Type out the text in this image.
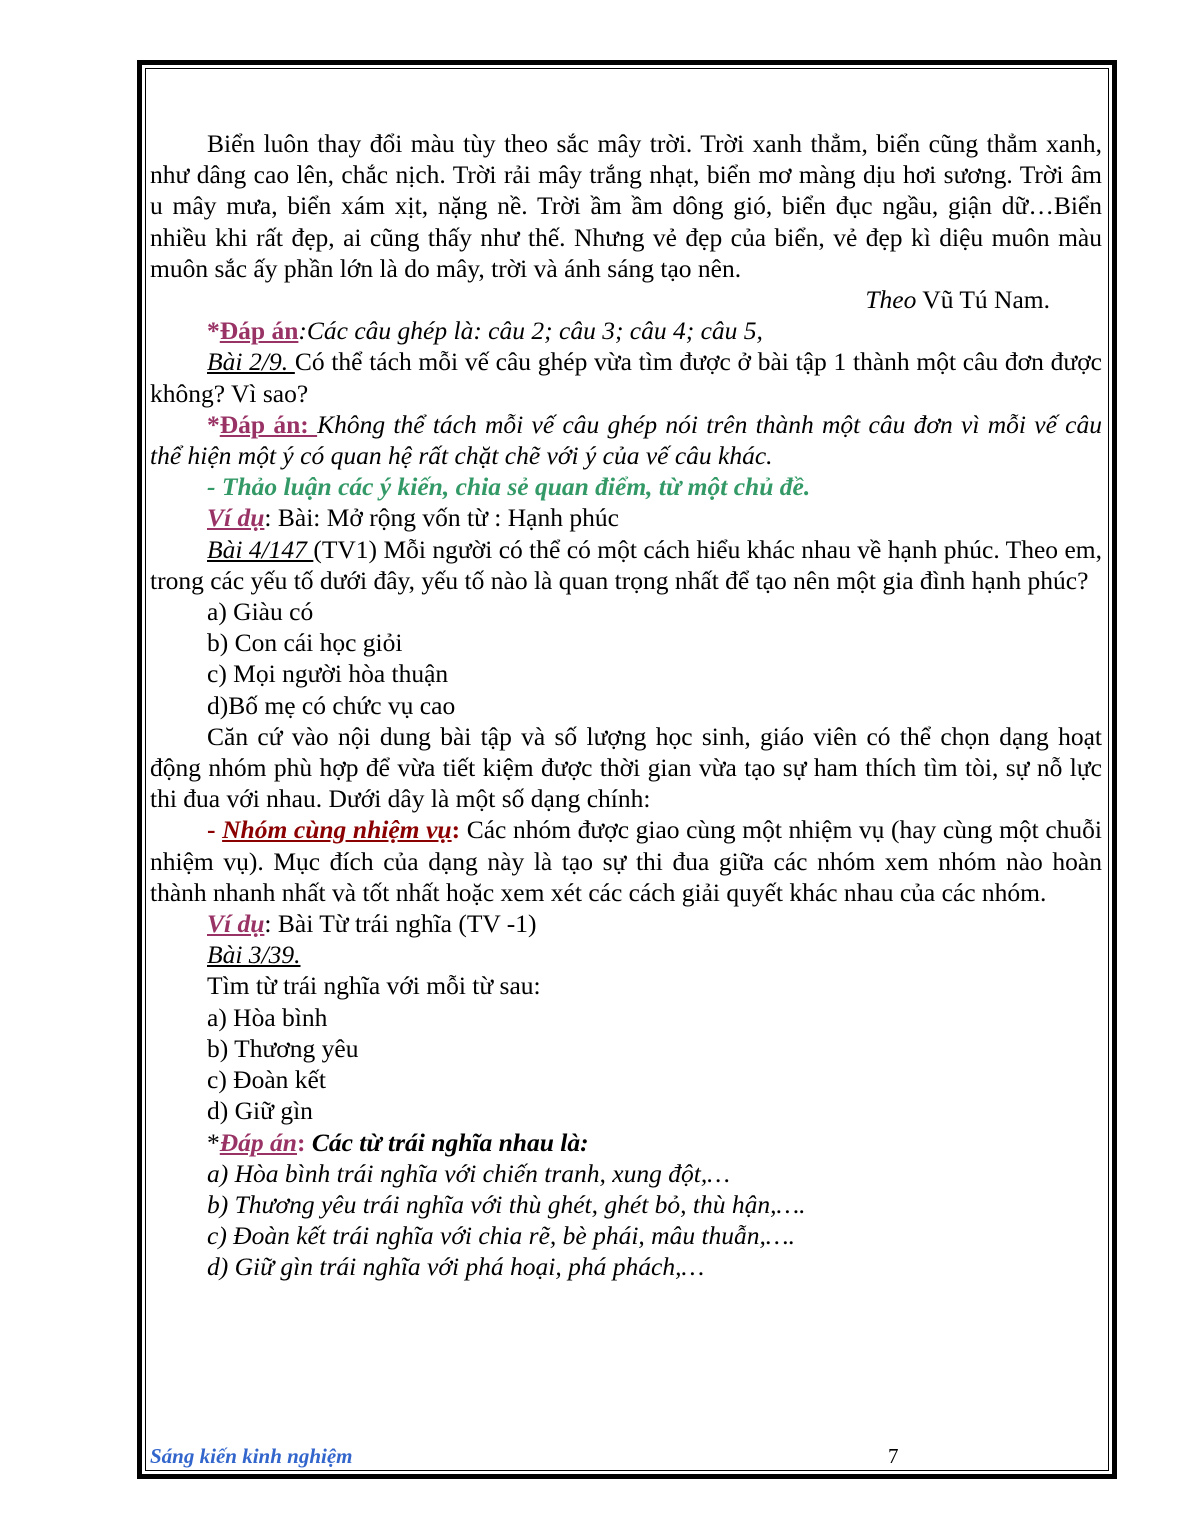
Biển luôn thay đổi màu tùy theo sắc mây trời. Trời xanh thẳm, biển cũng thẳm xanh, như dâng cao lên, chắc nịch. Trời rải mây trắng nhạt, biển mơ màng dịu hơi sương. Trời âm u mây mưa, biển xám xịt, nặng nề. Trời ầm ầm dông gió, biển đục ngầu, giận dữ…Biển nhiều khi rất đẹp, ai cũng thấy như thế. Nhưng vẻ đẹp của biển, vẻ đẹp kì diệu muôn màu muôn sắc ấy phần lớn là do mây, trời và ánh sáng tạo nên.

Theo Vũ Tú Nam.

*Đáp án:Các câu ghép là: câu 2; câu 3; câu 4; câu 5,

Bài 2/9. Có thể tách mỗi vế câu ghép vừa tìm được ở bài tập 1 thành một câu đơn được không? Vì sao?

*Đáp án: Không thể tách mỗi vế câu ghép nói trên thành một câu đơn vì mỗi vế câu thể hiện một ý có quan hệ rất chặt chẽ với ý của vế câu khác.

- Thảo luận các ý kiến, chia sẻ quan điểm, từ một chủ đề.

Ví dụ: Bài: Mở rộng vốn từ : Hạnh phúc

Bài 4/147 (TV1) Mỗi người có thể có một cách hiểu khác nhau về hạnh phúc. Theo em, trong các yếu tố dưới đây, yếu tố nào là quan trọng nhất để tạo nên một gia đình hạnh phúc?

a) Giàu có

b) Con cái học giỏi

c) Mọi người hòa thuận

d)Bố mẹ có chức vụ cao

Căn cứ vào nội dung bài tập và số lượng học sinh, giáo viên có thể chọn dạng hoạt động nhóm phù hợp để vừa tiết kiệm được thời gian vừa tạo sự ham thích tìm tòi, sự nỗ lực thi đua với nhau. Dưới dây là một số dạng chính:

- Nhóm cùng nhiệm vụ: Các nhóm được giao cùng một nhiệm vụ (hay cùng một chuỗi nhiệm vụ). Mục đích của dạng này là tạo sự thi đua giữa các nhóm xem nhóm nào hoàn thành nhanh nhất và tốt nhất hoặc xem xét các cách giải quyết khác nhau của các nhóm.

Ví dụ: Bài Từ trái nghĩa (TV -1)

Bài 3/39.

Tìm từ trái nghĩa với mỗi từ sau:

a) Hòa bình

b) Thương yêu

c) Đoàn kết

d) Giữ gìn

*Đáp án: Các từ trái nghĩa nhau là:

a) Hòa bình trái nghĩa với chiến tranh, xung đột,…

b) Thương yêu trái nghĩa với thù ghét, ghét bỏ, thù hận,….

c) Đoàn kết trái nghĩa với chia rẽ, bè phái, mâu thuẫn,….

d) Giữ gìn trái nghĩa với phá hoại, phá phách,…

Sáng kiến kinh nghiệm	7
